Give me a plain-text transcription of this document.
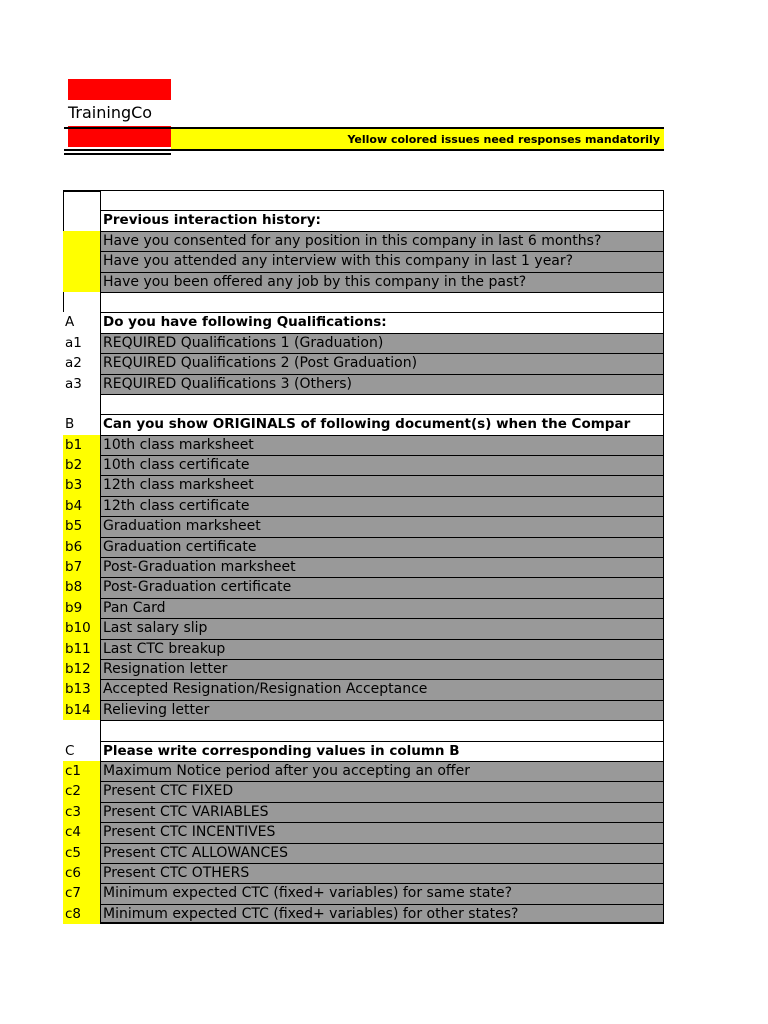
TrainingCo
Yellow colored issues need responses mandatorily
Previous interaction history:
Have you consented for any position in this company in last 6 months?
Have you attended any interview with this company in last 1 year?
Have you been offered any job by this company in the past?
A	Do you have following Qualifications:
a1	REQUIRED Qualifications 1 (Graduation)
a2	REQUIRED Qualifications 2 (Post Graduation)
a3	REQUIRED Qualifications 3 (Others)
B	Can you show ORIGINALS of following document(s) when the Compar
b1	10th class marksheet
b2	10th class certificate
b3	12th class marksheet
b4	12th class certificate
b5	Graduation marksheet
b6	Graduation certificate
b7	Post-Graduation marksheet
b8	Post-Graduation certificate
b9	Pan Card
b10 Last salary slip
b11 Last CTC breakup
b12 Resignation letter
b13 Accepted Resignation/Resignation Acceptance
b14 Relieving letter
C	Please write corresponding values in column B
c1	Maximum Notice period after you accepting an offer
c2	Present CTC FIXED
c3	Present CTC VARIABLES
c4	Present CTC INCENTIVES
c5	Present CTC ALLOWANCES
c6	Present CTC OTHERS
c7	Minimum expected CTC (fixed+ variables) for same state?
c8	Minimum expected CTC (fixed+ variables) for other states?
